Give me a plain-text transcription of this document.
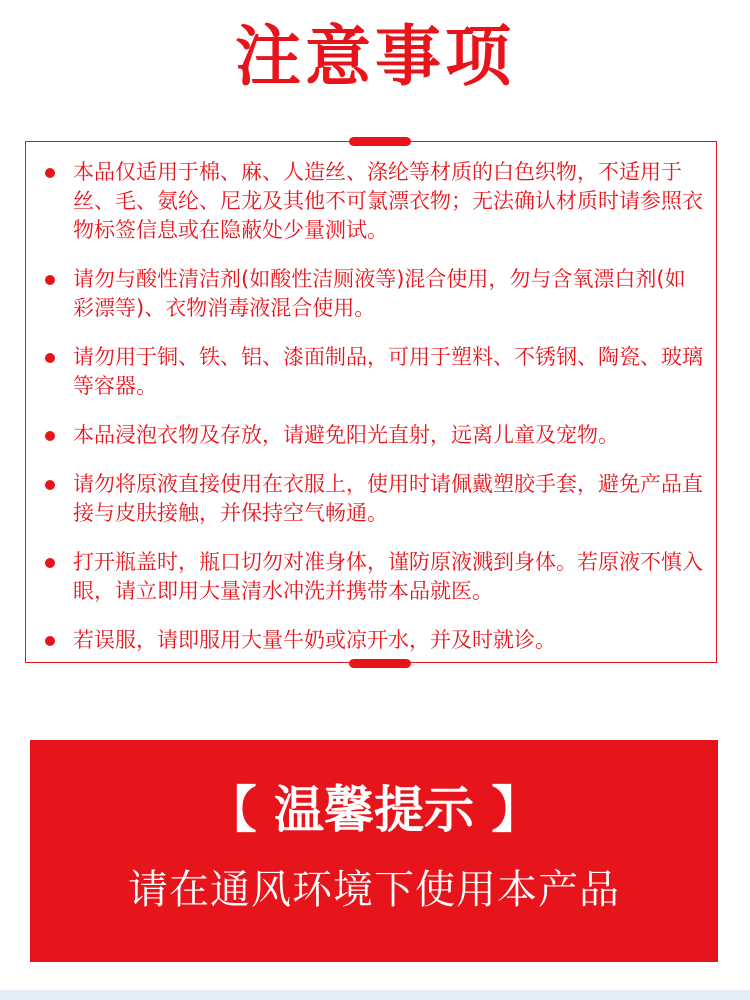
注意事项
本品仅适用于棉、麻、人造丝、涤纶等材质的白色织物，不适用于丝、毛、氨纶、尼龙及其他不可氯漂衣物；无法确认材质时请参照衣物标签信息或在隐蔽处少量测试。
请勿与酸性清洁剂(如酸性洁厕液等)混合使用，勿与含氧漂白剂(如彩漂等)、衣物消毒液混合使用。
请勿用于铜、铁、铝、漆面制品，可用于塑料、不锈钢、陶瓷、玻璃等容器。
本品浸泡衣物及存放，请避免阳光直射，远离儿童及宠物。
请勿将原液直接使用在衣服上，使用时请佩戴塑胶手套，避免产品直接与皮肤接触，并保持空气畅通。
打开瓶盖时，瓶口切勿对准身体，谨防原液溅到身体。若原液不慎入眼，请立即用大量清水冲洗并携带本品就医。
若误服，请即服用大量牛奶或凉开水，并及时就诊。
【 温馨提示 】
请在通风环境下使用本产品
